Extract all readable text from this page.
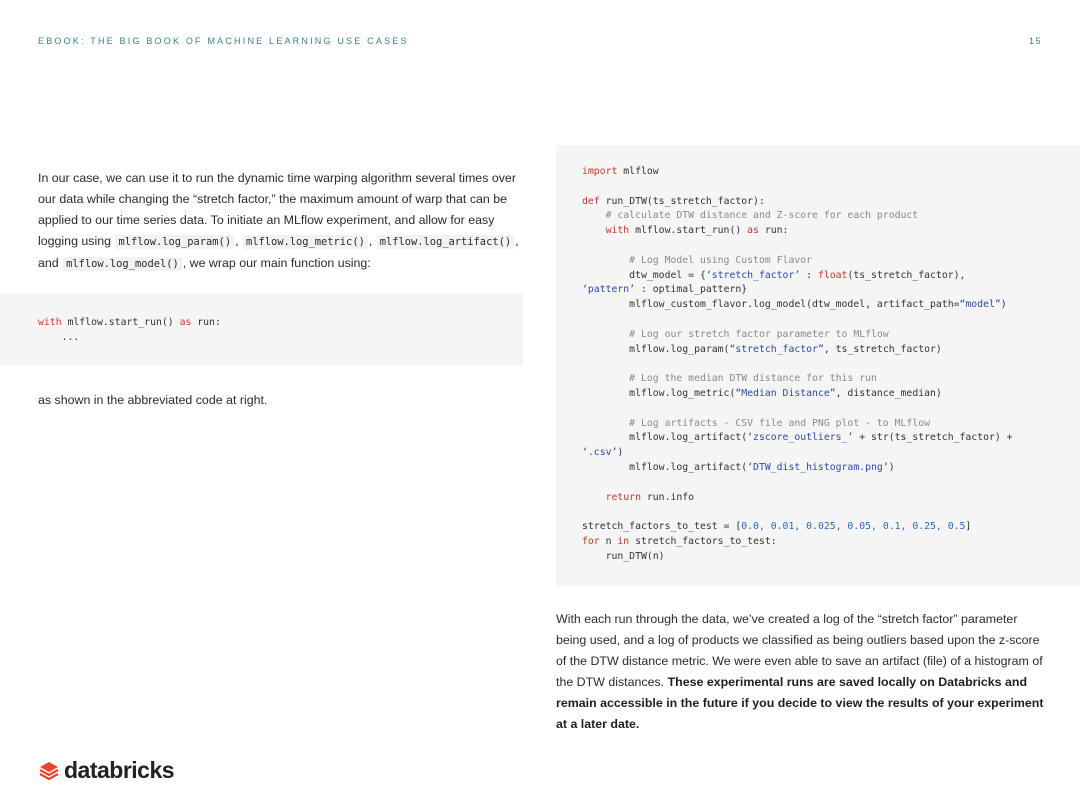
EBOOK: THE BIG BOOK OF MACHINE LEARNING USE CASES	15

In our case, we can use it to run the dynamic time warping algorithm several times over our data while changing the “stretch factor,” the maximum amount of warp that can be applied to our time series data. To initiate an MLflow experiment, and allow for easy logging using mlflow.log_param() , mlflow.log_metric() , mlflow.log_artifact() , and mlflow.log_model() , we wrap our main function using:

with mlflow.start_run() as run:
...

as shown in the abbreviated code at right.

import mlflow

def run_DTW(ts_stretch_factor):
# calculate DTW distance and Z-score for each product
with mlflow.start_run() as run:

# Log Model using Custom Flavor
dtw_model = {‘stretch_factor’ : float(ts_stretch_factor),
‘pattern’ : optimal_pattern}
mlflow_custom_flavor.log_model(dtw_model, artifact_path=“model”)

# Log our stretch factor parameter to MLflow
mlflow.log_param(“stretch_factor”, ts_stretch_factor)

# Log the median DTW distance for this run
mlflow.log_metric(“Median Distance”, distance_median)

# Log artifacts - CSV file and PNG plot - to MLflow
mlflow.log_artifact(‘zscore_outliers_’ + str(ts_stretch_factor) +
‘.csv’)
mlflow.log_artifact(‘DTW_dist_histogram.png’)

return run.info

stretch_factors_to_test = [0.0, 0.01, 0.025, 0.05, 0.1, 0.25, 0.5]
for n in stretch_factors_to_test:
run_DTW(n)

With each run through the data, we’ve created a log of the “stretch factor” parameter being used, and a log of products we classified as being outliers based upon the z-score of the DTW distance metric. We were even able to save an artifact (file) of a histogram of the DTW distances. These experimental runs are saved locally on Databricks and remain accessible in the future if you decide to view the results of your experiment at a later date.

databricks
